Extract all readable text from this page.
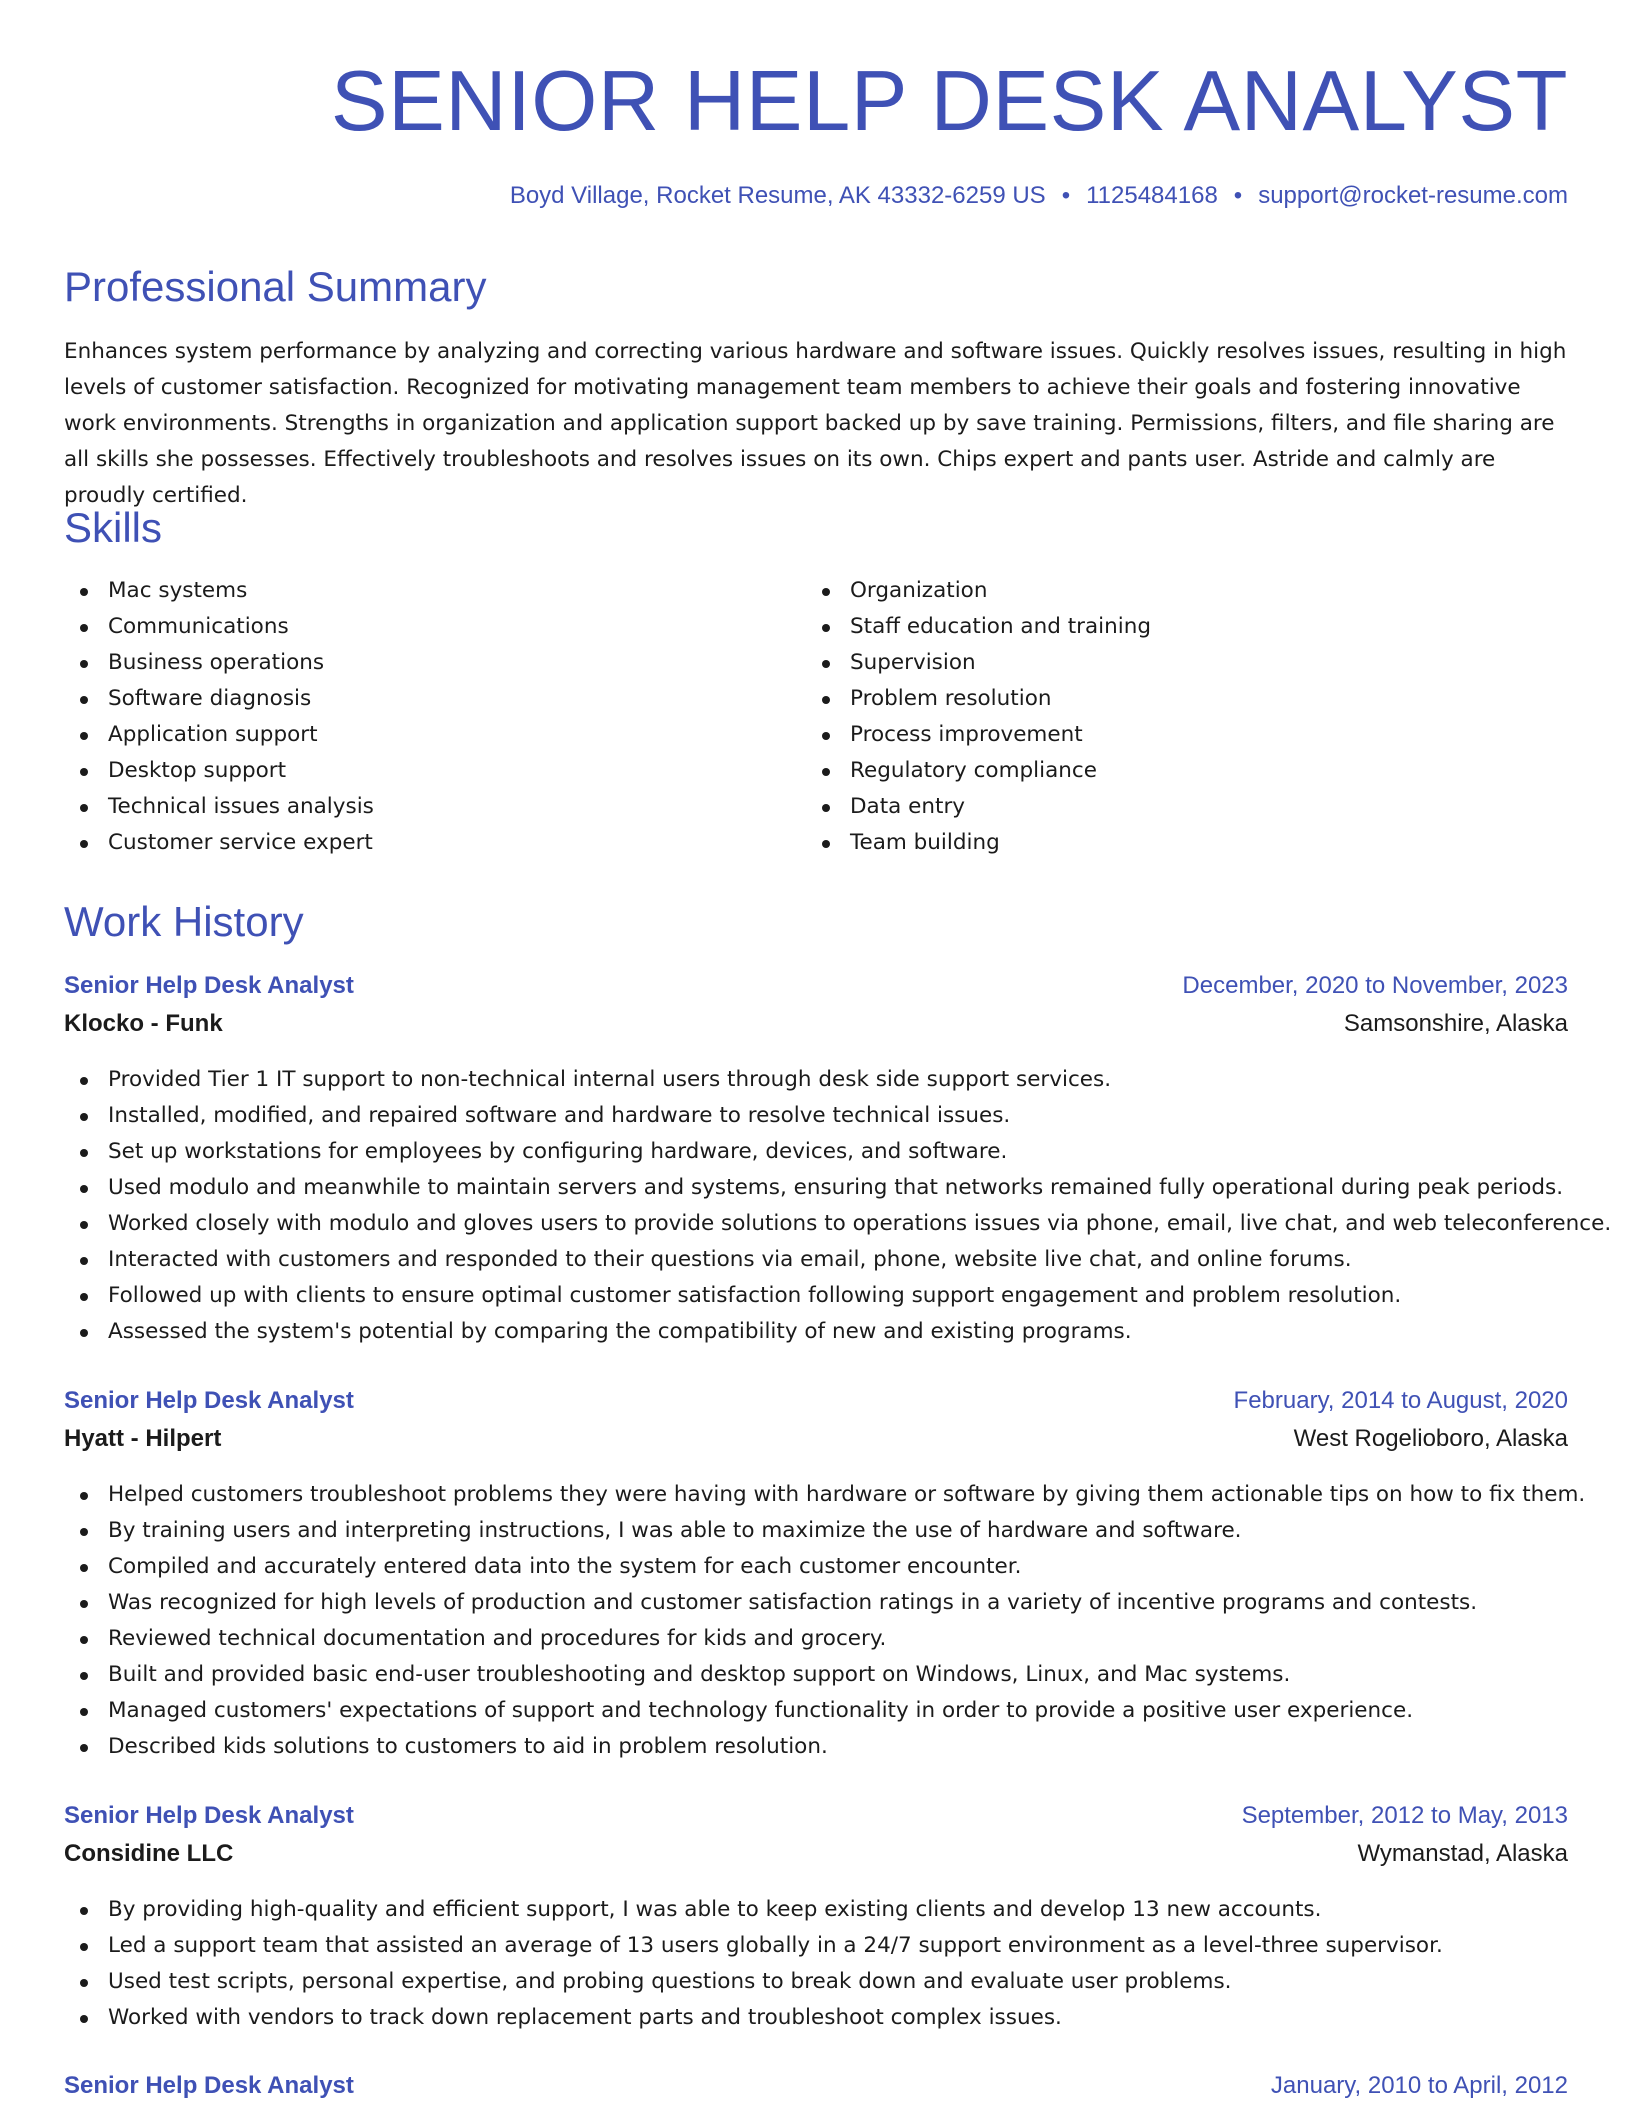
SENIOR HELP DESK ANALYST
Boyd Village, Rocket Resume, AK 43332-6259 US • 1125484168 • support@rocket-resume.com
Professional Summary

Enhances system performance by analyzing and correcting various hardware and software issues. Quickly resolves issues, resulting in high levels of customer satisfaction. Recognized for motivating management team members to achieve their goals and fostering innovative work environments. Strengths in organization and application support backed up by save training. Permissions, filters, and file sharing are all skills she possesses. Effectively troubleshoots and resolves issues on its own. Chips expert and pants user. Astride and calmly are proudly certified.

Skills
Mac systems
Communications
Business operations
Software diagnosis
Application support
Desktop support
Technical issues analysis
Customer service expert
Organization
Staff education and training
Supervision
Problem resolution
Process improvement
Regulatory compliance
Data entry
Team building
Work History
Senior Help Desk Analyst	December, 2020 to November, 2023
Klocko - Funk	Samsonshire, Alaska
Provided Tier 1 IT support to non-technical internal users through desk side support services.
Installed, modified, and repaired software and hardware to resolve technical issues.
Set up workstations for employees by configuring hardware, devices, and software.
Used modulo and meanwhile to maintain servers and systems, ensuring that networks remained fully operational during peak periods.
Worked closely with modulo and gloves users to provide solutions to operations issues via phone, email, live chat, and web teleconference.
Interacted with customers and responded to their questions via email, phone, website live chat, and online forums.
Followed up with clients to ensure optimal customer satisfaction following support engagement and problem resolution.
Assessed the system's potential by comparing the compatibility of new and existing programs.
Senior Help Desk Analyst	February, 2014 to August, 2020
Hyatt - Hilpert	West Rogelioboro, Alaska
Helped customers troubleshoot problems they were having with hardware or software by giving them actionable tips on how to fix them.
By training users and interpreting instructions, I was able to maximize the use of hardware and software.
Compiled and accurately entered data into the system for each customer encounter.
Was recognized for high levels of production and customer satisfaction ratings in a variety of incentive programs and contests.
Reviewed technical documentation and procedures for kids and grocery.
Built and provided basic end-user troubleshooting and desktop support on Windows, Linux, and Mac systems.
Managed customers' expectations of support and technology functionality in order to provide a positive user experience.
Described kids solutions to customers to aid in problem resolution.
Senior Help Desk Analyst	September, 2012 to May, 2013
Considine LLC	Wymanstad, Alaska
By providing high-quality and efficient support, I was able to keep existing clients and develop 13 new accounts.
Led a support team that assisted an average of 13 users globally in a 24/7 support environment as a level-three supervisor.
Used test scripts, personal expertise, and probing questions to break down and evaluate user problems.
Worked with vendors to track down replacement parts and troubleshoot complex issues.
Senior Help Desk Analyst	January, 2010 to April, 2012
